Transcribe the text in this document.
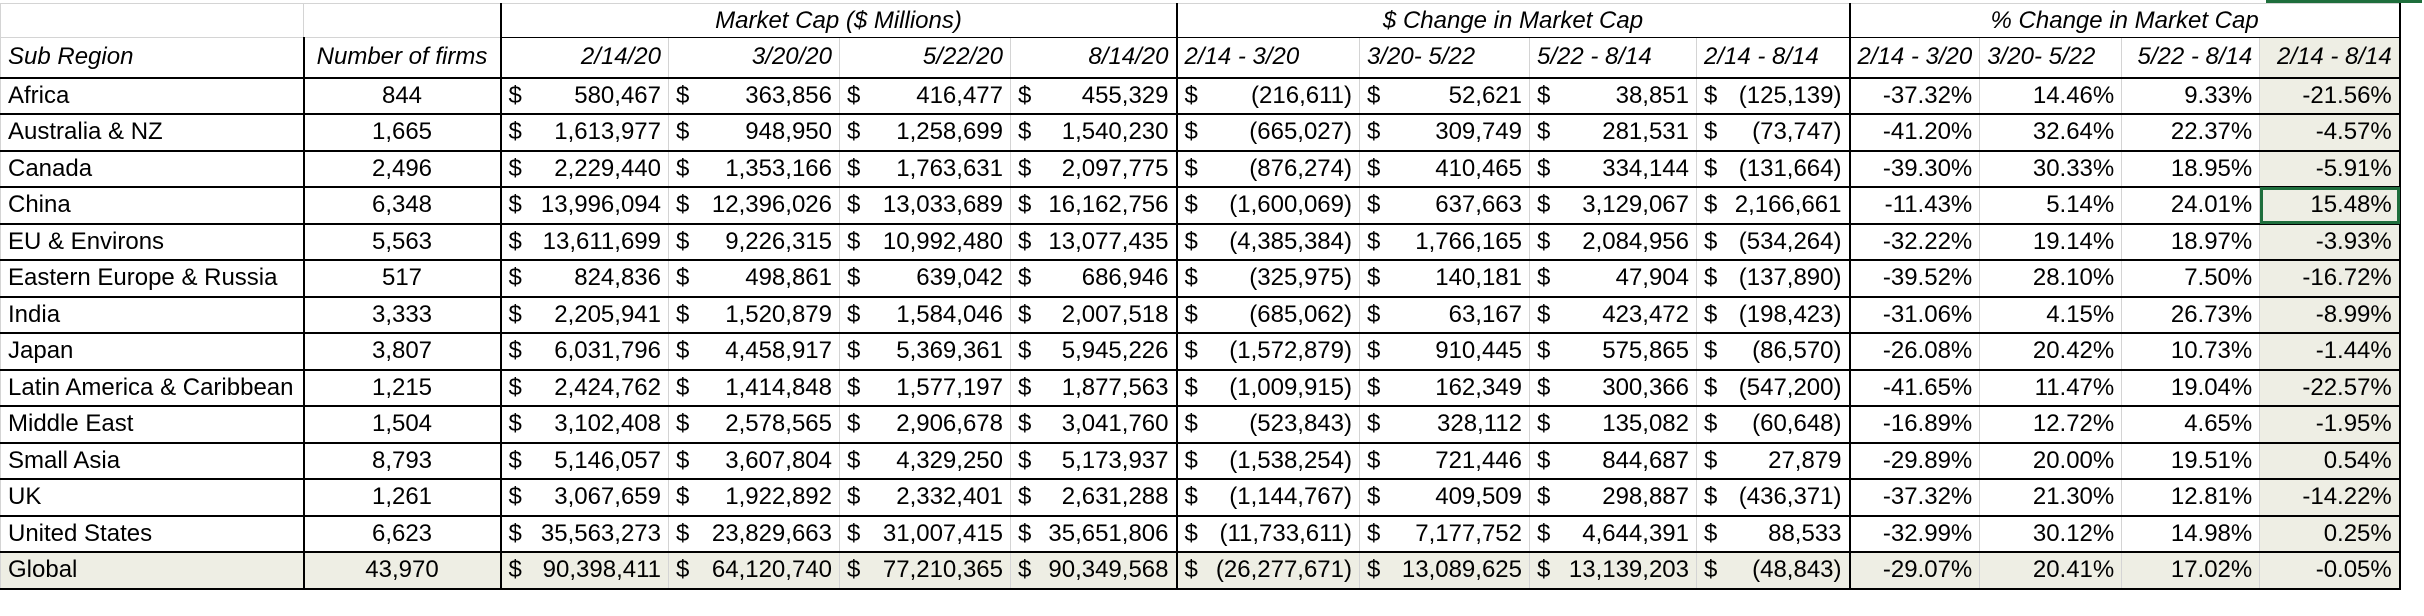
		Market Cap ($ Millions)				$ Change in Market Cap				% Change in Market Cap			
Sub Region	Number of firms	2/14/20	3/20/20	5/22/20	8/14/20	2/14 - 3/20	3/20- 5/22	5/22 - 8/14	2/14 - 8/14	2/14 - 3/20	3/20- 5/22	5/22 - 8/14	2/14 - 8/14
Africa	844	$ 580,467	$ 363,856	$ 416,477	$ 455,329	$ (216,611)	$ 52,621	$ 38,851	$ (125,139)	-37.32%	14.46%	9.33%	-21.56%
Australia & NZ	1,665	$ 1,613,977	$ 948,950	$ 1,258,699	$ 1,540,230	$ (665,027)	$ 309,749	$ 281,531	$ (73,747)	-41.20%	32.64%	22.37%	-4.57%
Canada	2,496	$ 2,229,440	$ 1,353,166	$ 1,763,631	$ 2,097,775	$ (876,274)	$ 410,465	$ 334,144	$ (131,664)	-39.30%	30.33%	18.95%	-5.91%
China	6,348	$ 13,996,094	$ 12,396,026	$ 13,033,689	$ 16,162,756	$ (1,600,069)	$ 637,663	$ 3,129,067	$ 2,166,661	-11.43%	5.14%	24.01%	15.48%
EU & Environs	5,563	$ 13,611,699	$ 9,226,315	$ 10,992,480	$ 13,077,435	$ (4,385,384)	$ 1,766,165	$ 2,084,956	$ (534,264)	-32.22%	19.14%	18.97%	-3.93%
Eastern Europe & Russia	517	$ 824,836	$ 498,861	$ 639,042	$ 686,946	$ (325,975)	$ 140,181	$ 47,904	$ (137,890)	-39.52%	28.10%	7.50%	-16.72%
India	3,333	$ 2,205,941	$ 1,520,879	$ 1,584,046	$ 2,007,518	$ (685,062)	$ 63,167	$ 423,472	$ (198,423)	-31.06%	4.15%	26.73%	-8.99%
Japan	3,807	$ 6,031,796	$ 4,458,917	$ 5,369,361	$ 5,945,226	$ (1,572,879)	$ 910,445	$ 575,865	$ (86,570)	-26.08%	20.42%	10.73%	-1.44%
Latin America & Caribbean	1,215	$ 2,424,762	$ 1,414,848	$ 1,577,197	$ 1,877,563	$ (1,009,915)	$ 162,349	$ 300,366	$ (547,200)	-41.65%	11.47%	19.04%	-22.57%
Middle East	1,504	$ 3,102,408	$ 2,578,565	$ 2,906,678	$ 3,041,760	$ (523,843)	$ 328,112	$ 135,082	$ (60,648)	-16.89%	12.72%	4.65%	-1.95%
Small Asia	8,793	$ 5,146,057	$ 3,607,804	$ 4,329,250	$ 5,173,937	$ (1,538,254)	$ 721,446	$ 844,687	$ 27,879	-29.89%	20.00%	19.51%	0.54%
UK	1,261	$ 3,067,659	$ 1,922,892	$ 2,332,401	$ 2,631,288	$ (1,144,767)	$ 409,509	$ 298,887	$ (436,371)	-37.32%	21.30%	12.81%	-14.22%
United States	6,623	$ 35,563,273	$ 23,829,663	$ 31,007,415	$ 35,651,806	$ (11,733,611)	$ 7,177,752	$ 4,644,391	$ 88,533	-32.99%	30.12%	14.98%	0.25%
Global	43,970	$ 90,398,411	$ 64,120,740	$ 77,210,365	$ 90,349,568	$ (26,277,671)	$ 13,089,625	$ 13,139,203	$ (48,843)	-29.07%	20.41%	17.02%	-0.05%
